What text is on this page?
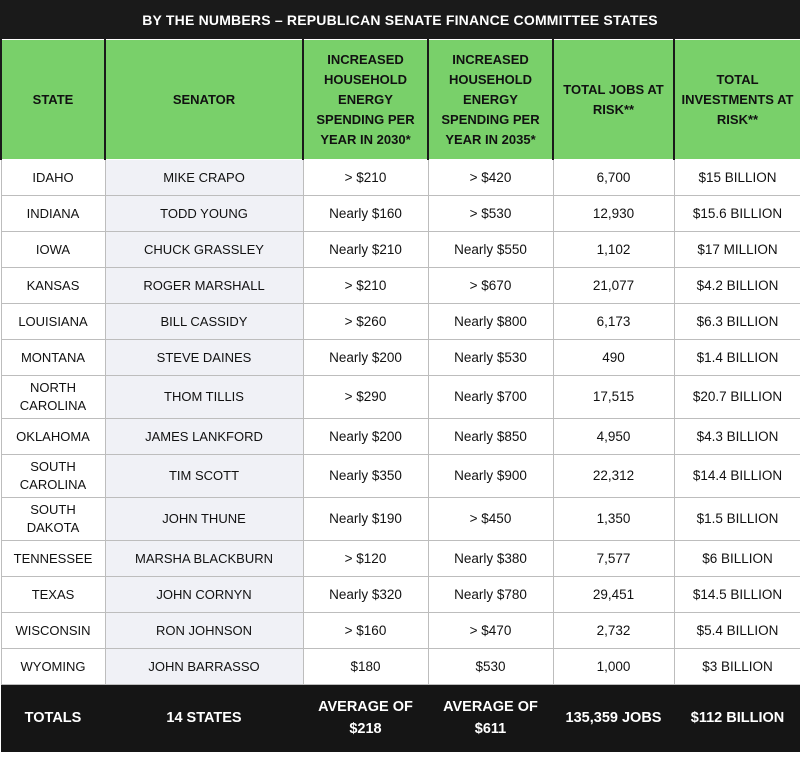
BY THE NUMBERS – REPUBLICAN SENATE FINANCE COMMITTEE STATES
STATE	SENATOR	INCREASED HOUSEHOLD ENERGY SPENDING PER YEAR IN 2030*	INCREASED HOUSEHOLD ENERGY SPENDING PER YEAR IN 2035*	TOTAL JOBS AT RISK**	TOTAL INVESTMENTS AT RISK**
IDAHO	MIKE CRAPO	> $210	> $420	6,700	$15 BILLION
INDIANA	TODD YOUNG	Nearly $160	> $530	12,930	$15.6 BILLION
IOWA	CHUCK GRASSLEY	Nearly $210	Nearly $550	1,102	$17 MILLION
KANSAS	ROGER MARSHALL	> $210	> $670	21,077	$4.2 BILLION
LOUISIANA	BILL CASSIDY	> $260	Nearly $800	6,173	$6.3 BILLION
MONTANA	STEVE DAINES	Nearly $200	Nearly $530	490	$1.4 BILLION
NORTH CAROLINA	THOM TILLIS	> $290	Nearly $700	17,515	$20.7 BILLION
OKLAHOMA	JAMES LANKFORD	Nearly $200	Nearly $850	4,950	$4.3 BILLION
SOUTH CAROLINA	TIM SCOTT	Nearly $350	Nearly $900	22,312	$14.4 BILLION
SOUTH DAKOTA	JOHN THUNE	Nearly $190	> $450	1,350	$1.5 BILLION
TENNESSEE	MARSHA BLACKBURN	> $120	Nearly $380	7,577	$6 BILLION
TEXAS	JOHN CORNYN	Nearly $320	Nearly $780	29,451	$14.5 BILLION
WISCONSIN	RON JOHNSON	> $160	> $470	2,732	$5.4 BILLION
WYOMING	JOHN BARRASSO	$180	$530	1,000	$3 BILLION
TOTALS	14 STATES	AVERAGE OF $218	AVERAGE OF $611	135,359 JOBS	$112 BILLION
